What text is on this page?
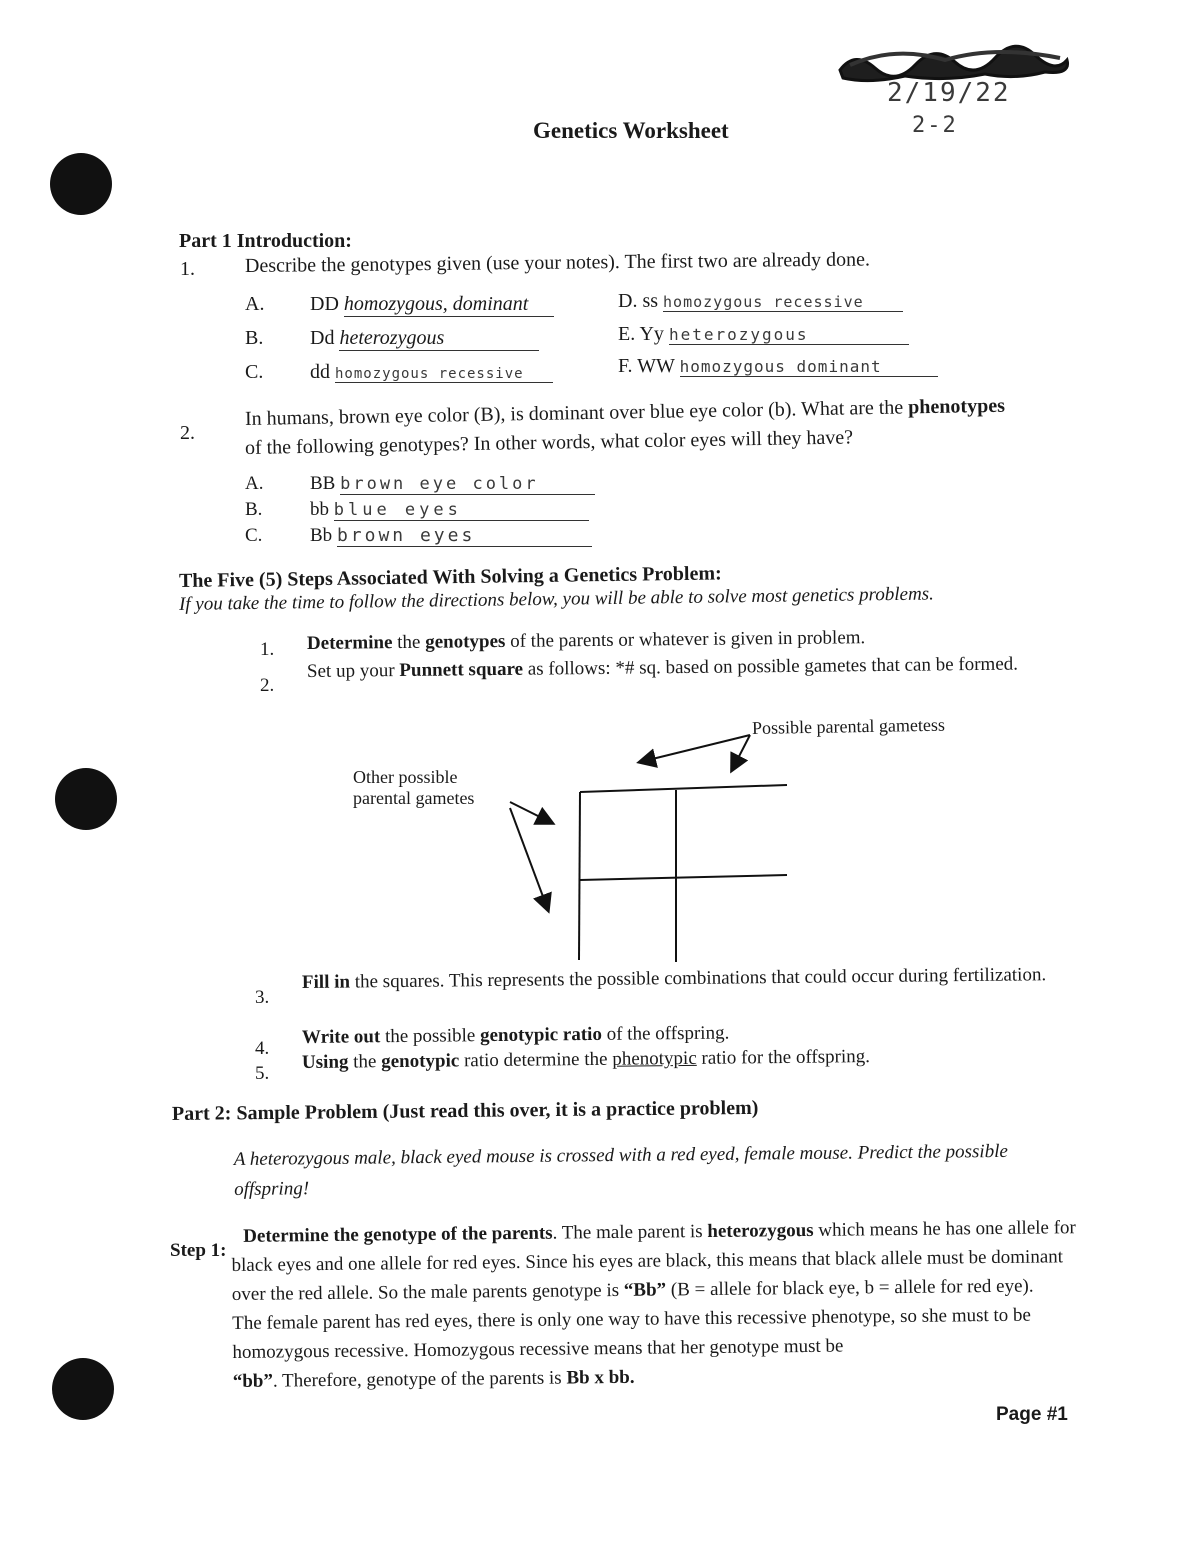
2/19/22
2-2
Genetics Worksheet
Part 1 Introduction:
1. Describe the genotypes given (use your notes). The first two are already done.
A. DD homozygous, dominant
B. Dd heterozygous
C. dd homozygous recessive
D. ss homozygous recessive
E. Yy heterozygous
F. WW homozygous dominant
2.
In humans, brown eye color (B), is dominant over blue eye color (b). What are the phenotypes
of the following genotypes? In other words, what color eyes will they have?
A. BB brown eye color
B.	bb blue eyes
C.	Bb brown eyes
The Five (5) Steps Associated With Solving a Genetics Problem:
If you take the time to follow the directions below, you will be able to solve most genetics problems.
1. Determine the genotypes of the parents or whatever is given in problem.
2.
Set up your Punnett square as follows: *# sq. based on possible gametes that can be formed.
Possible parental gametess
Other possible
parental gametes
3.
Fill in the squares. This represents the possible combinations that could occur during fertilization.
4.
Write out the possible genotypic ratio of the offspring.
5.
Using the genotypic ratio determine the phenotypic ratio for the offspring.
Part 2: Sample Problem (Just read this over, it is a practice problem)
A heterozygous male, black eyed mouse is crossed with a red eyed, female mouse. Predict the possible offspring!
Step 1:
Determine the genotype of the parents. The male parent is heterozygous which means he has one allele for black eyes and one allele for red eyes. Since his eyes are black, this means that black allele must be dominant over the red allele. So the male parents genotype is “Bb” (B = allele for black eye, b = allele for red eye).
The female parent has red eyes, there is only one way to have this recessive phenotype, so she must to be homozygous recessive. Homozygous recessive means that her genotype must be“bb”. Therefore, genotype of the parents is Bb x bb.
Page #1
